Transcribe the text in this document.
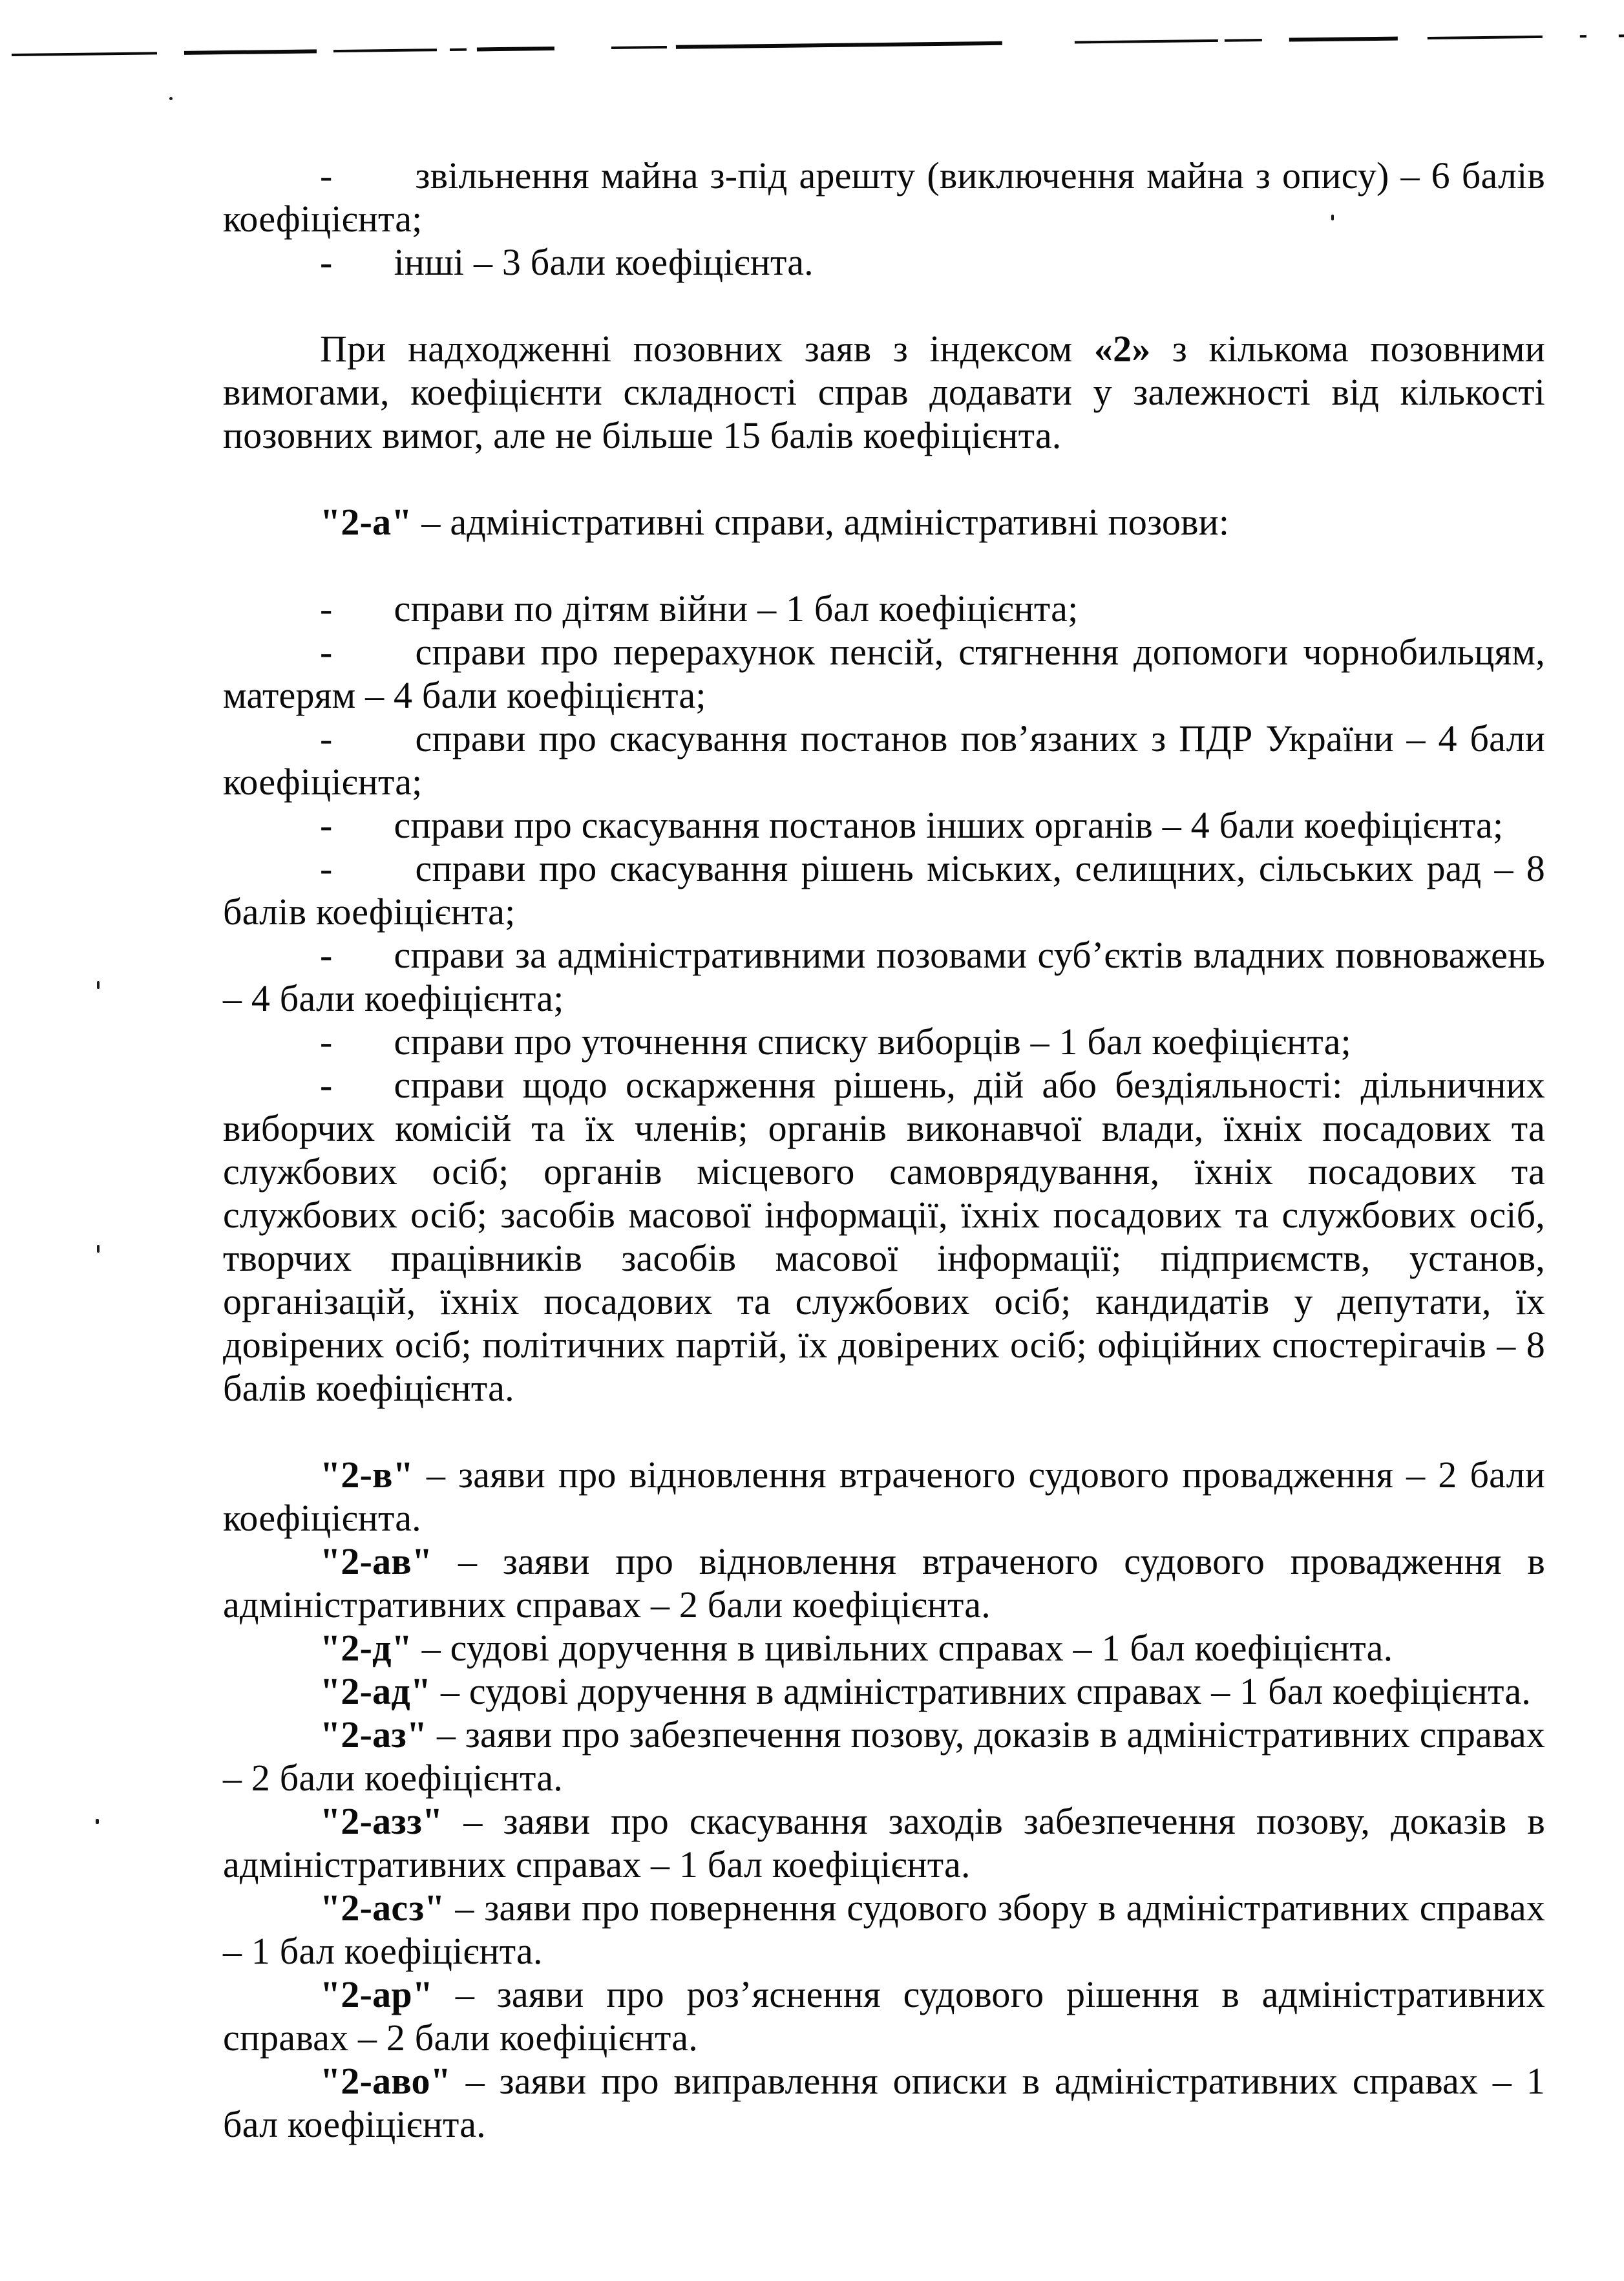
- звільнення майна з-під арешту (виключення майна з опису) – 6 балів коефіцієнта;

- інші – 3 бали коефіцієнта.

При надходженні позовних заяв з індексом «2» з кількома позовними вимогами, коефіцієнти складності справ додавати у залежності від кількості позовних вимог, але не більше 15 балів коефіцієнта.

"2-а" – адміністративні справи, адміністративні позови:

- справи по дітям війни – 1 бал коефіцієнта;

- справи про перерахунок пенсій, стягнення допомоги чорнобильцям, матерям – 4 бали коефіцієнта;

- справи про скасування постанов пов’язаних з ПДР України – 4 бали коефіцієнта;

- справи про скасування постанов інших органів – 4 бали коефіцієнта;

- справи про скасування рішень міських, селищних, сільських рад – 8 балів коефіцієнта;

- справи за адміністративними позовами суб’єктів владних повноважень – 4 бали коефіцієнта;

- справи про уточнення списку виборців – 1 бал коефіцієнта;

- справи щодо оскарження рішень, дій або бездіяльності: дільничних виборчих комісій та їх членів; органів виконавчої влади, їхніх посадових та службових осіб; органів місцевого самоврядування, їхніх посадових та службових осіб; засобів масової інформації, їхніх посадових та службових осіб, творчих працівників засобів масової інформації; підприємств, установ, організацій, їхніх посадових та службових осіб; кандидатів у депутати, їх довірених осіб; політичних партій, їх довірених осіб; офіційних спостерігачів – 8 балів коефіцієнта.

"2-в" – заяви про відновлення втраченого судового провадження – 2 бали коефіцієнта.

"2-ав" – заяви про відновлення втраченого судового провадження в адміністративних справах – 2 бали коефіцієнта.

"2-д" – судові доручення в цивільних справах – 1 бал коефіцієнта.

"2-ад" – судові доручення в адміністративних справах – 1 бал коефіцієнта.

"2-аз" – заяви про забезпечення позову, доказів в адміністративних справах – 2 бали коефіцієнта.

"2-азз" – заяви про скасування заходів забезпечення позову, доказів в адміністративних справах – 1 бал коефіцієнта.

"2-асз" – заяви про повернення судового збору в адміністративних справах – 1 бал коефіцієнта.

"2-ар" – заяви про роз’яснення судового рішення в адміністративних справах – 2 бали коефіцієнта.

"2-аво" – заяви про виправлення описки в адміністративних справах – 1 бал коефіцієнта.
